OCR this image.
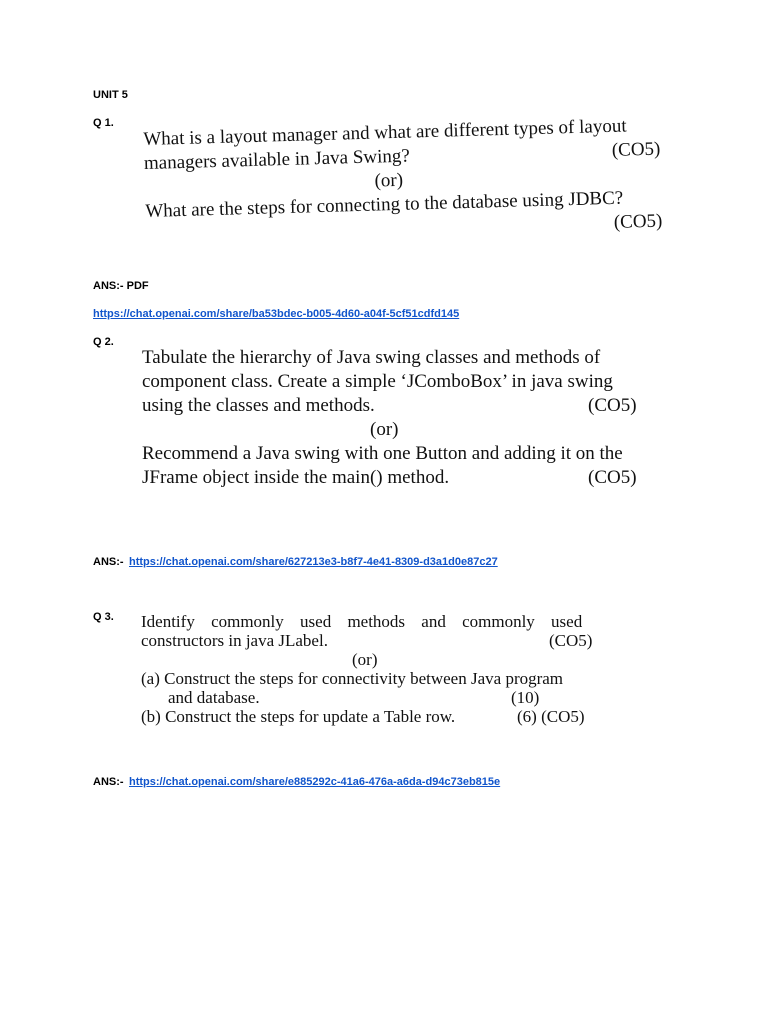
UNIT 5
Q 1. What is a layout manager and what are different types of layout
managers available in Java Swing?	(CO5)
(or)
What are the steps for connecting to the database using JDBC?
(CO5)
ANS:- PDF
https://chat.openai.com/share/ba53bdec-b005-4d60-a04f-5cf51cdfd145
Q 2.
Tabulate the hierarchy of Java swing classes and methods of
component class. Create a simple ‘JComboBox’ in java swing
using the classes and methods.	(CO5)
(or)
Recommend a Java swing with one Button and adding it on the
JFrame object inside the main() method.	(CO5)
ANS:- https://chat.openai.com/share/627213e3-b8f7-4e41-8309-d3a1d0e87c27
Q 3. Identify commonly used methods and commonly used
constructors in java JLabel.	(CO5)
(or)
(a) Construct the steps for connectivity between Java program
and database.	(10)
(b) Construct the steps for update a Table row.	(6) (CO5)
ANS:- https://chat.openai.com/share/e885292c-41a6-476a-a6da-d94c73eb815e
